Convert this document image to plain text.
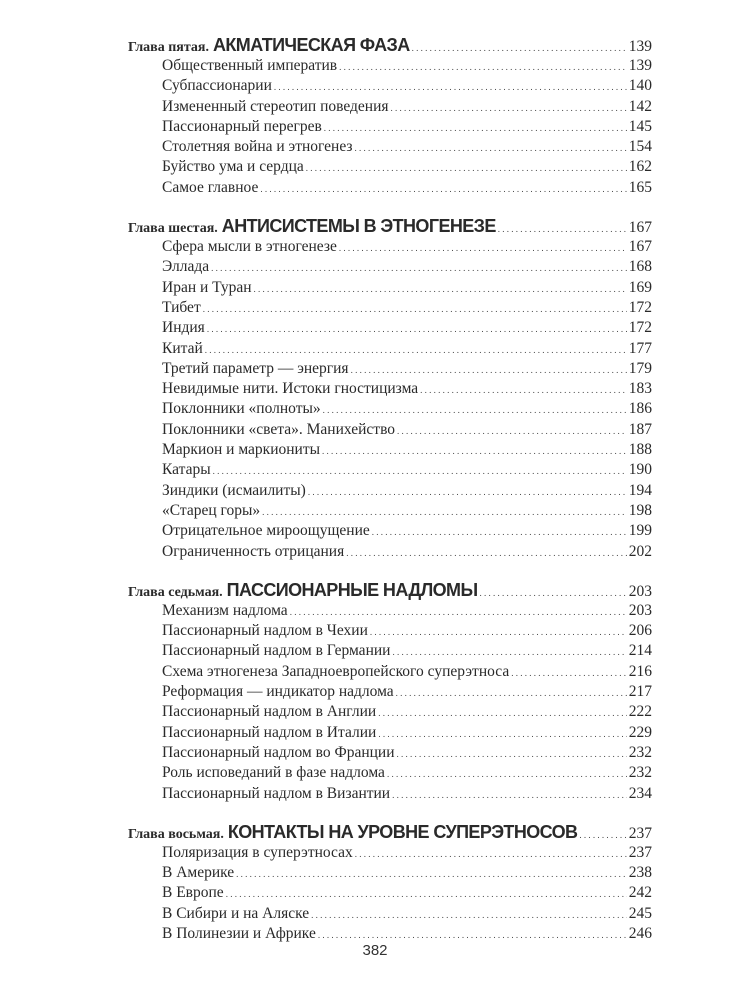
Глава пятая. АКМАТИЧЕСКАЯ ФАЗА . . .	139
Общественный императив . . .	139
Субпассионарии . . .	140
Измененный стереотип поведения . . .	142
Пассионарный перегрев . . .	145
Столетняя война и этногенез . . .	154
Буйство ума и сердца . . .	162
Самое главное . . .	165
Глава шестая. АНТИСИСТЕМЫ В ЭТНОГЕНЕЗЕ . . .	167
Сфера мысли в этногенезе . . .	167
Эллада . . .	168
Иран и Туран . . .	169
Тибет . . .	172
Индия . . .	172
Китай . . .	177
Третий параметр — энергия . . .	179
Невидимые нити. Истоки гностицизма . . .	183
Поклонники «полноты» . . .	186
Поклонники «света». Манихейство . . .	187
Маркион и маркиониты . . .	188
Катары . . .	190
Зиндики (исмаилиты) . . .	194
«Старец горы» . . .	198
Отрицательное мироощущение . . .	199
Ограниченность отрицания . . .	202
Глава седьмая. ПАССИОНАРНЫЕ НАДЛОМЫ . . .	203
Механизм надлома . . .	203
Пассионарный надлом в Чехии . . .	206
Пассионарный надлом в Германии . . .	214
Схема этногенеза Западноевропейского суперэтноса . . .	216
Реформация — индикатор надлома . . .	217
Пассионарный надлом в Англии . . .	222
Пассионарный надлом в Италии . . .	229
Пассионарный надлом во Франции . . .	232
Роль исповеданий в фазе надлома . . .	232
Пассионарный надлом в Византии . . .	234
Глава восьмая. КОНТАКТЫ НА УРОВНЕ СУПЕРЭТНОСОВ . . .	237
Поляризация в суперэтносах . . .	237
В Америке . . .	238
В Европе . . .	242
В Сибири и на Аляске . . .	245
В Полинезии и Африке . . .	246
382
